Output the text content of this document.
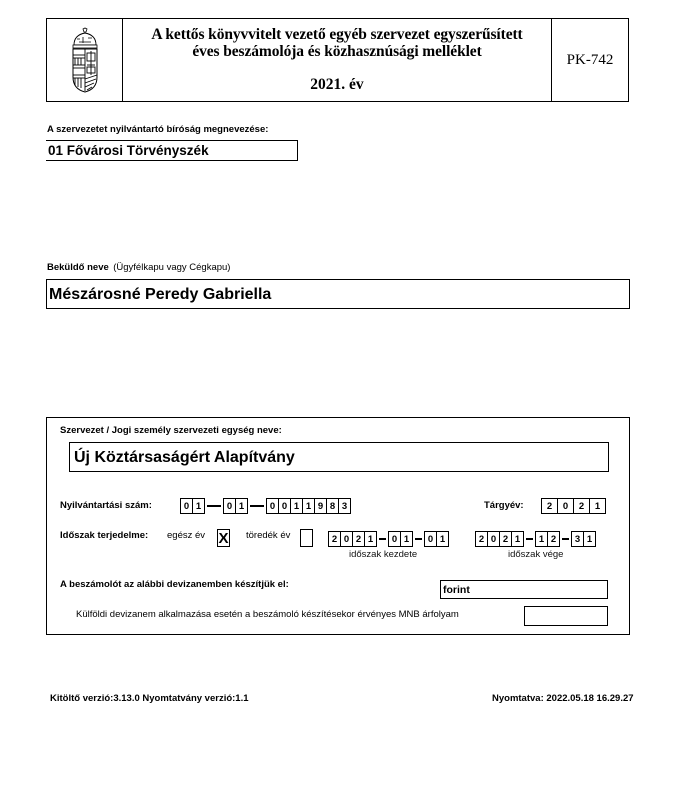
A kettős könyvvitelt vezető egyéb szervezet egyszerűsített
éves beszámolója és közhasznúsági melléklet
2021. év
PK-742
A szervezetet nyilvántartó bíróság megnevezése:
01 Fővárosi Törvényszék
Beküldő neve (Ügyfélkapu vagy Cégkapu)
Mészárosné Peredy Gabriella
Szervezet / Jogi személy szervezeti egység neve:
Új Köztársaságért Alapítvány
Nyilvántartási szám:	0 1	0 1	0 0 1 1 9 8 3	Tárgyév:	2	0	2	1
Időszak terjedelme: egész év X töredék év	2 0 2 1	0 1	0 1
időszak kezdete
2 0 2 1	1 2	3 1
időszak vége
A beszámolót az alábbi devizanemben készítjük el:	forint
Külföldi devizanem alkalmazása esetén a beszámoló készítésekor érvényes MNB árfolyam
Kitöltő verzió:3.13.0 Nyomtatvány verzió:1.1	Nyomtatva: 2022.05.18 16.29.27
